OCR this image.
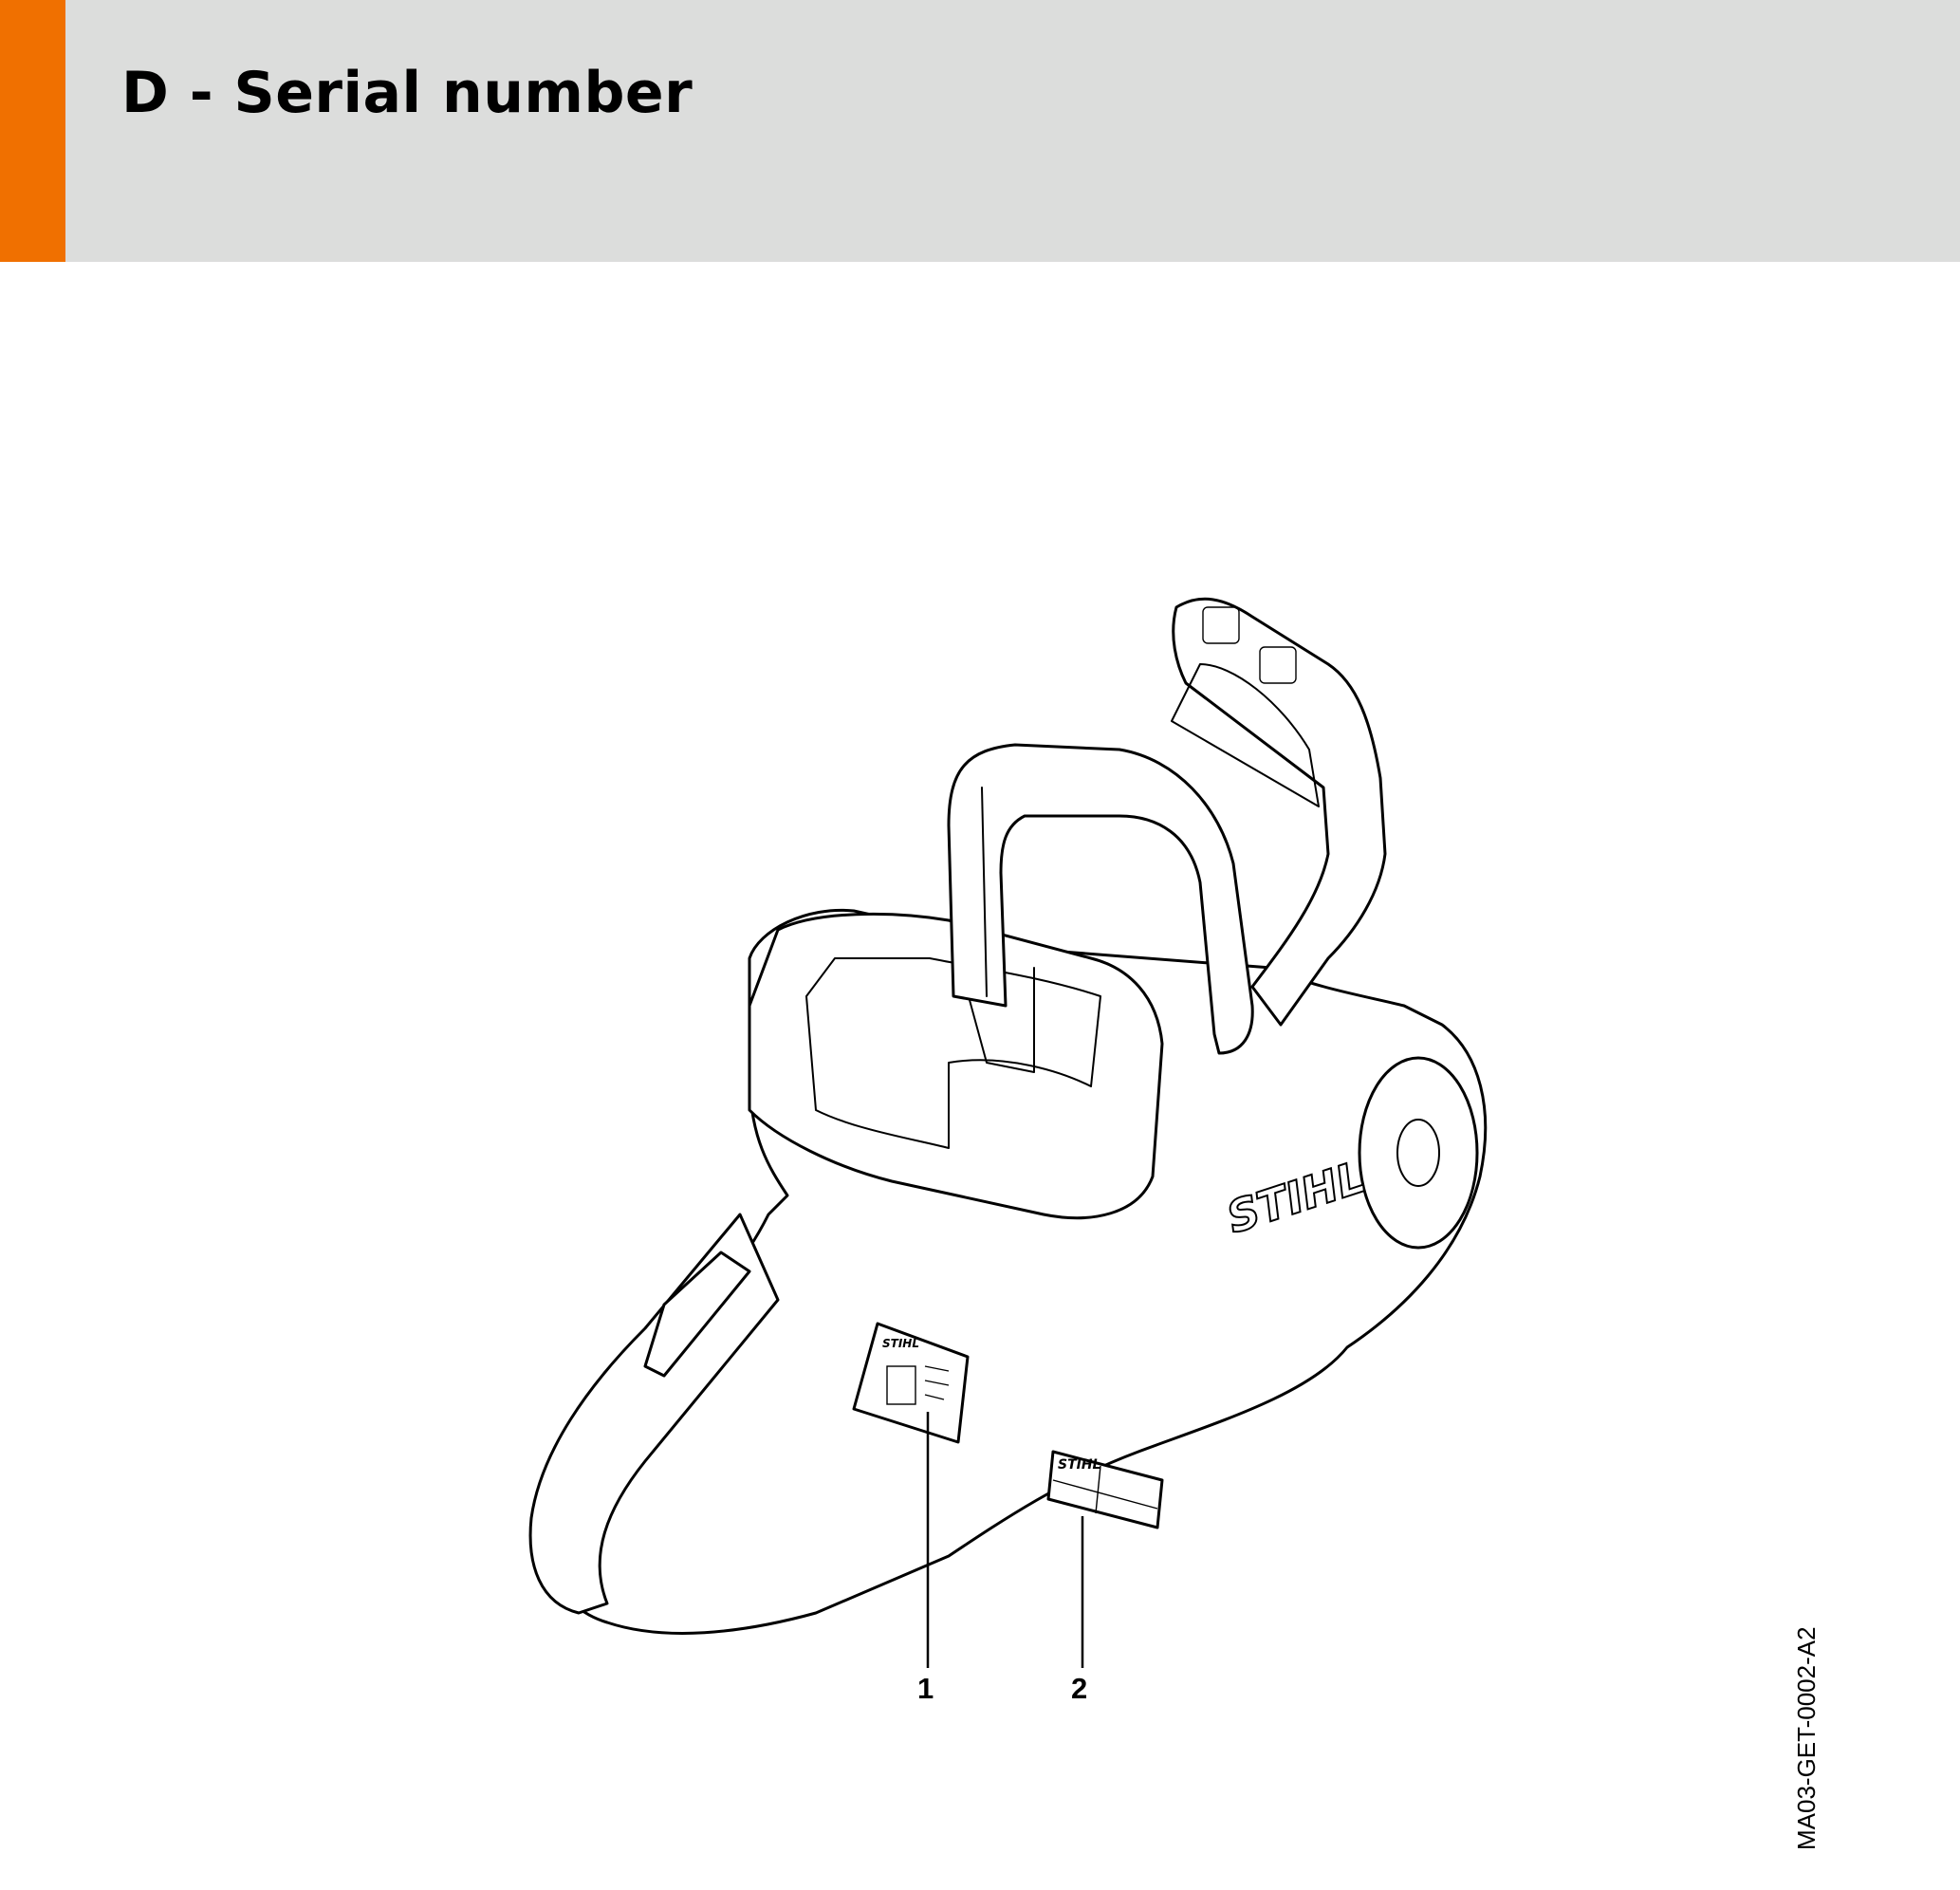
D - Serial number
STIHL
STIHL
STIHL
1	2	MA03-GET-0002-A2
